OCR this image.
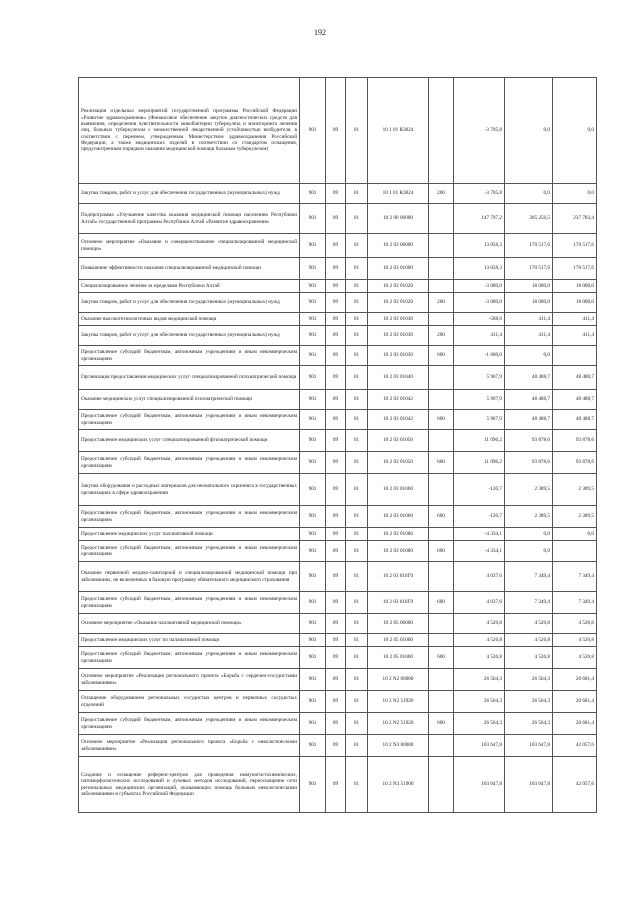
192
Реализация отдельных мероприятий государственной программы Российской Федерации «Развитие здравоохранения» (Финансовое обеспечение закупок диагностических средств для выявления, определения чувствительности микобактерии туберкулеза и мониторинга лечения лиц, больных туберкулезом с множественной лекарственной устойчивостью возбудителя, в соответствии с перечнем, утвержденным Министерством здравоохранения Российской Федерации, а также медицинских изделий в соответствии со стандартом оснащения, предусмотренным порядком оказания медицинской помощи больным туберкулезом)	901	09	01	10 1 01 R3824		-3 705,8	0,0	0,0
Закупка товаров, работ и услуг для обеспечения государственных (муниципальных) нужд	901	09	01	10 1 01 R3824	200	-3 705,8	0,0	0,0
Подпрограмма «Улучшение качества оказания медицинской помощи населению Республики Алтай» государственной программы Республики Алтай «Развитие здравоохранения»	901	09	01	10 2 00 00000		147 797,2	305 256,5	237 783,4
Основное мероприятие «Оказание и совершенствование специализированной медицинской помощи»	901	09	01	10 2 03 00000		13 058,3	170 517,6	170 517,6
Повышение эффективности оказания специализированной медицинской помощи	901	09	01	10 2 03 01000		13 058,3	170 517,6	170 517,6
Специализированное лечение за пределами Республики Алтай	901	09	01	10 2 03 01020		-3 000,0	18 000,0	18 000,0
Закупка товаров, работ и услуг для обеспечения государственных (муниципальных) нужд	901	09	01	10 2 03 01020	200	-3 000,0	18 000,0	18 000,0
Оказание высокотехнологичных видов медицинской помощи	901	09	01	10 2 03 01030		-588,6	411,4	411,4
Закупка товаров, работ и услуг для обеспечения государственных (муниципальных) нужд	901	09	01	10 2 03 01030	200	411,4	411,4	411,4
Предоставление субсидий бюджетным, автономным учреждениям и иным некоммерческим организациям	901	09	01	10 2 03 01030	600	-1 000,0	0,0	
Организация предоставления медицинских услуг специализированной психиатрической помощи	901	09	01	10 2 03 01040		5 967,9	48 488,7	48 488,7
Оказание медицинских услуг специализированной психиатрической помощи	901	09	01	10 2 03 01042		5 967,9	48 488,7	48 488,7
Предоставление субсидий бюджетным, автономным учреждениям и иным некоммерческим организациям	901	09	01	10 2 03 01042	600	5 967,9	48 488,7	48 488,7
Предоставление медицинских услуг специализированной фтизиатрической помощи	901	09	01	10 2 03 01050		11 096,2	93 878,6	93 878,6
Предоставление субсидий бюджетным, автономным учреждениям и иным некоммерческим организациям	901	09	01	10 2 03 01050	600	11 096,2	93 878,6	93 878,6
Закупка оборудования и расходных материалов для неонатального скрининга в государственных организациях в сфере здравоохранения	901	09	01	10 2 03 01060		-120,7	2 389,5	2 389,5
Предоставление субсидий бюджетным, автономным учреждениям и иным некоммерческим организациям	901	09	01	10 2 03 01060	600	-120,7	2 389,5	2 389,5
Предоставление медицинских услуг паллиативной помощи	901	09	01	10 2 03 01080		-4 334,1	0,0	0,0
Предоставление субсидий бюджетным, автономным учреждениям и иным некоммерческим организациям	901	09	01	10 2 03 01080	600	-4 334,1	0,0	
Оказание первичной медико-санитарной и специализированной медицинской помощи при заболеваниях, не включенных в базовую программу обязательного медицинского страхования	901	09	01	10 2 03 010Г0		4 037,6	7 349,4	7 349,4
Предоставление субсидий бюджетным, автономным учреждениям и иным некоммерческим организациям	901	09	01	10 2 03 010Г0	600	4 037,6	7 349,4	7 349,4
Основное мероприятие «Оказание паллиативной медицинской помощи»	901	09	01	10 2 05 00000		4 526,8	4 526,8	4 526,8
Предоставление медицинских услуг по паллиативной помощи	901	09	01	10 2 05 01000		4 526,8	4 526,8	4 526,8
Предоставление субсидий бюджетным, автономным учреждениям и иным некоммерческим организациям	901	09	01	10 2 05 01000	600	4 526,8	4 526,8	4 526,8
Основное мероприятие «Реализация регионального проекта «Борьба с сердечно-сосудистыми заболеваниями»	901	09	01	10 2 N2 00000		26 564,3	26 564,3	20 681,4
Оснащение оборудованием региональных сосудистых центров и первичных сосудистых отделений	901	09	01	10 2 N2 51920		26 564,3	26 564,3	20 681,4
Предоставление субсидий бюджетным, автономным учреждениям и иным некоммерческим организациям	901	09	01	10 2 N2 51920	600	26 564,3	26 564,3	20 681,4
Основное мероприятие «Реализация регионального проекта «Борьба с онкологическими заболеваниями»	901	09	01	10 2 N3 00000		103 647,8	103 647,8	42 057,6
Создание и оснащение референс-центров для проведения иммуногистохимических, патоморфологических исследований и лучевых методов исследований, переоснащение сети региональных медицинских организаций, оказывающих помощь больным онкологическими заболеваниями в субъектах Российской Федерации	901	09	01	10 2 N3 51900		103 647,8	103 647,8	42 057,6
